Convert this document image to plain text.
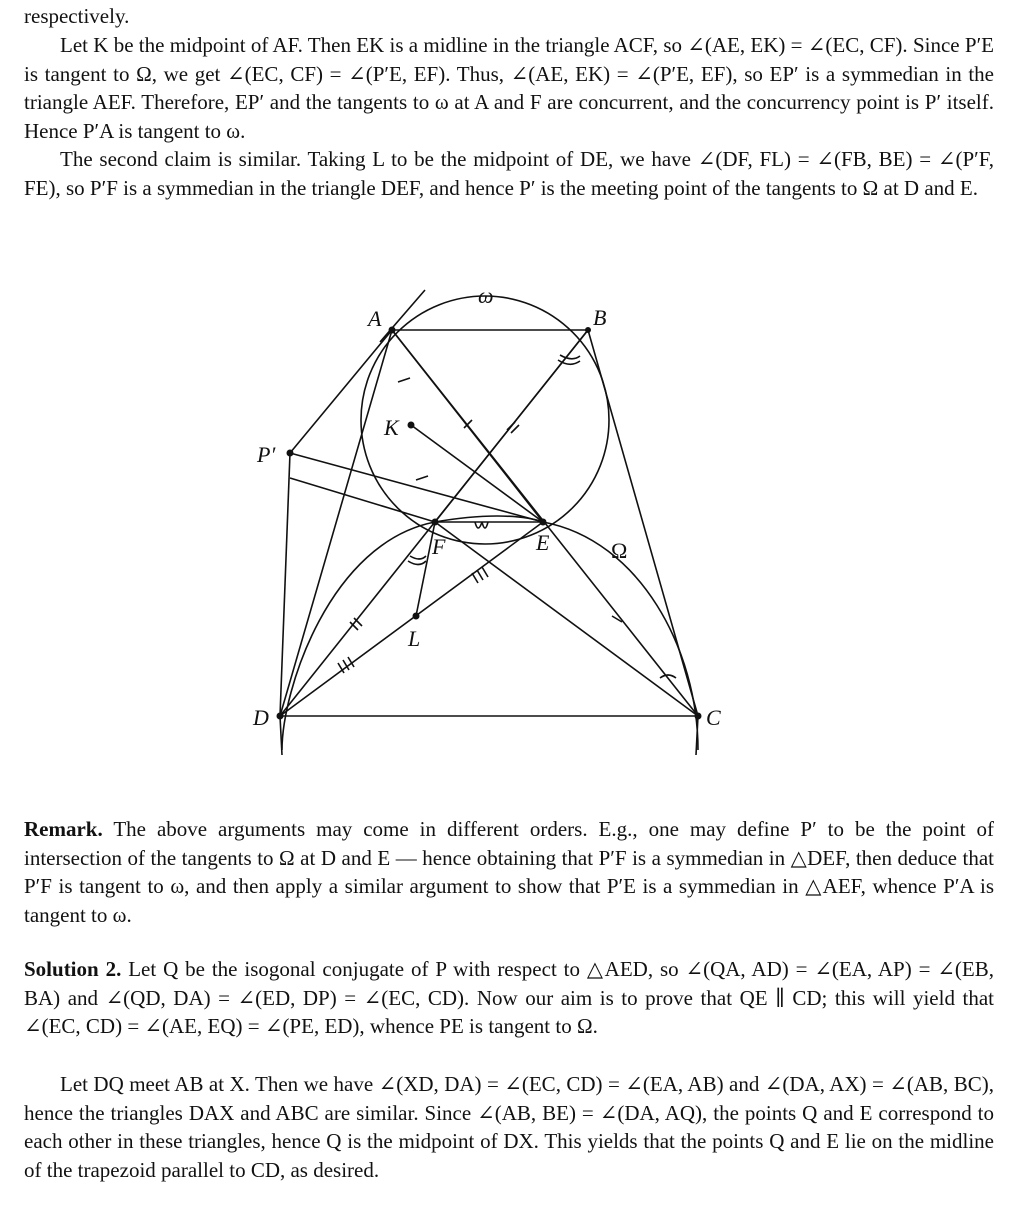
respectively.

Let K be the midpoint of AF. Then EK is a midline in the triangle ACF, so ∠(AE, EK) = ∠(EC, CF). Since P′E is tangent to Ω, we get ∠(EC, CF) = ∠(P′E, EF). Thus, ∠(AE, EK) = ∠(P′E, EF), so EP′ is a symmedian in the triangle AEF. Therefore, EP′ and the tangents to ω at A and F are concurrent, and the concurrency point is P′ itself. Hence P′A is tangent to ω.

The second claim is similar. Taking L to be the midpoint of DE, we have ∠(DF, FL) = ∠(FB, BE) = ∠(P′F, FE), so P′F is a symmedian in the triangle DEF, and hence P′ is the meeting point of the tangents to Ω at D and E.

ω
A	B
K
P′
F	E	Ω
L
D	C

Remark. The above arguments may come in different orders. E.g., one may define P′ to be the point of intersection of the tangents to Ω at D and E — hence obtaining that P′F is a symmedian in △DEF, then deduce that P′F is tangent to ω, and then apply a similar argument to show that P′E is a symmedian in △AEF, whence P′A is tangent to ω.

Solution 2. Let Q be the isogonal conjugate of P with respect to △AED, so ∠(QA, AD) = ∠(EA, AP) = ∠(EB, BA) and ∠(QD, DA) = ∠(ED, DP) = ∠(EC, CD). Now our aim is to prove that QE ∥ CD; this will yield that ∠(EC, CD) = ∠(AE, EQ) = ∠(PE, ED), whence PE is tangent to Ω.

Let DQ meet AB at X. Then we have ∠(XD, DA) = ∠(EC, CD) = ∠(EA, AB) and ∠(DA, AX) = ∠(AB, BC), hence the triangles DAX and ABC are similar. Since ∠(AB, BE) = ∠(DA, AQ), the points Q and E correspond to each other in these triangles, hence Q is the midpoint of DX. This yields that the points Q and E lie on the midline of the trapezoid parallel to CD, as desired.
